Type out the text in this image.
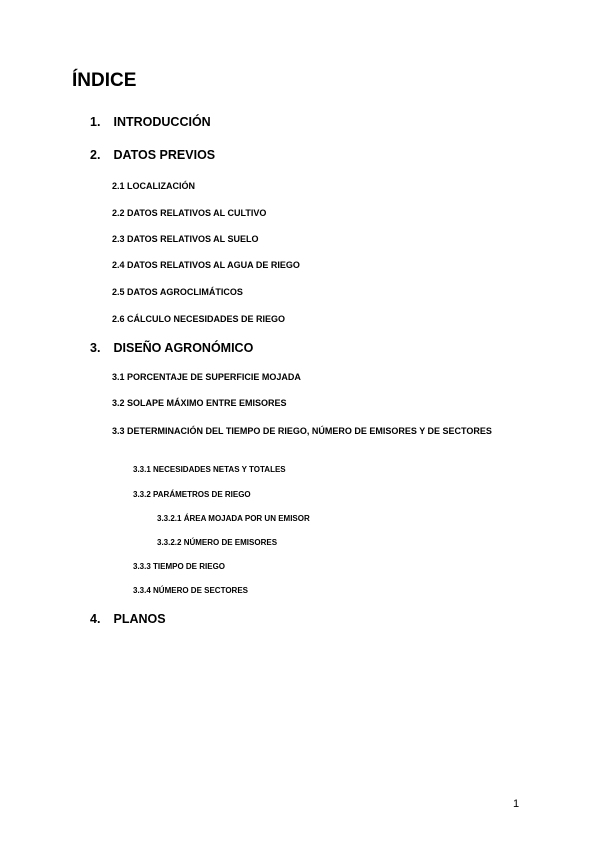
ÍNDICE
1. INTRODUCCIÓN
2. DATOS PREVIOS
2.1 LOCALIZACIÓN
2.2 DATOS RELATIVOS AL CULTIVO
2.3 DATOS RELATIVOS AL SUELO
2.4 DATOS RELATIVOS AL AGUA DE RIEGO
2.5 DATOS AGROCLIMÁTICOS
2.6 CÁLCULO NECESIDADES DE RIEGO
3. DISEÑO AGRONÓMICO
3.1 PORCENTAJE DE SUPERFICIE MOJADA
3.2 SOLAPE MÁXIMO ENTRE EMISORES
3.3 DETERMINACIÓN DEL TIEMPO DE RIEGO, NÚMERO DE EMISORES Y DE SECTORES
3.3.1 NECESIDADES NETAS Y TOTALES
3.3.2 PARÁMETROS DE RIEGO
3.3.2.1 ÁREA MOJADA POR UN EMISOR
3.3.2.2 NÚMERO DE EMISORES
3.3.3 TIEMPO DE RIEGO
3.3.4 NÚMERO DE SECTORES
4. PLANOS
1
